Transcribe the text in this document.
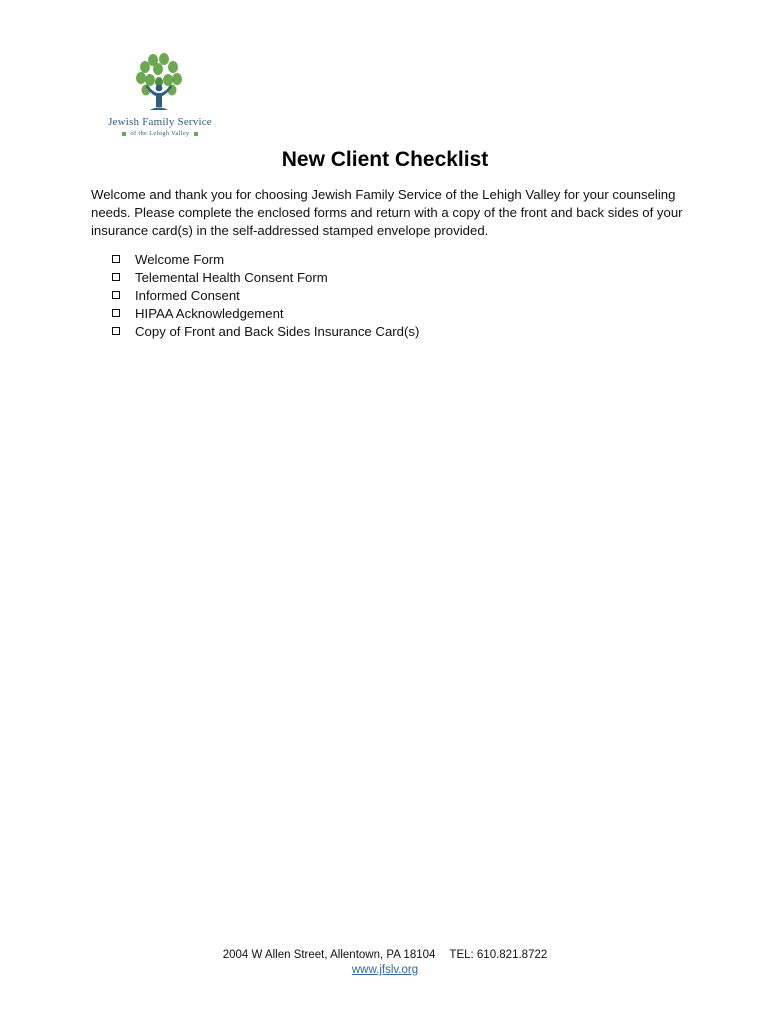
Jewish Family Service
of the Lehigh Valley
New Client Checklist
Welcome and thank you for choosing Jewish Family Service of the Lehigh Valley for your counseling needs. Please complete the enclosed forms and return with a copy of the front and back sides of your insurance card(s) in the self-addressed stamped envelope provided.
Welcome Form
Telemental Health Consent Form
Informed Consent
HIPAA Acknowledgement
Copy of Front and Back Sides Insurance Card(s)
2004 W Allen Street, Allentown, PA 18104 TEL: 610.821.8722
www.jfslv.org
